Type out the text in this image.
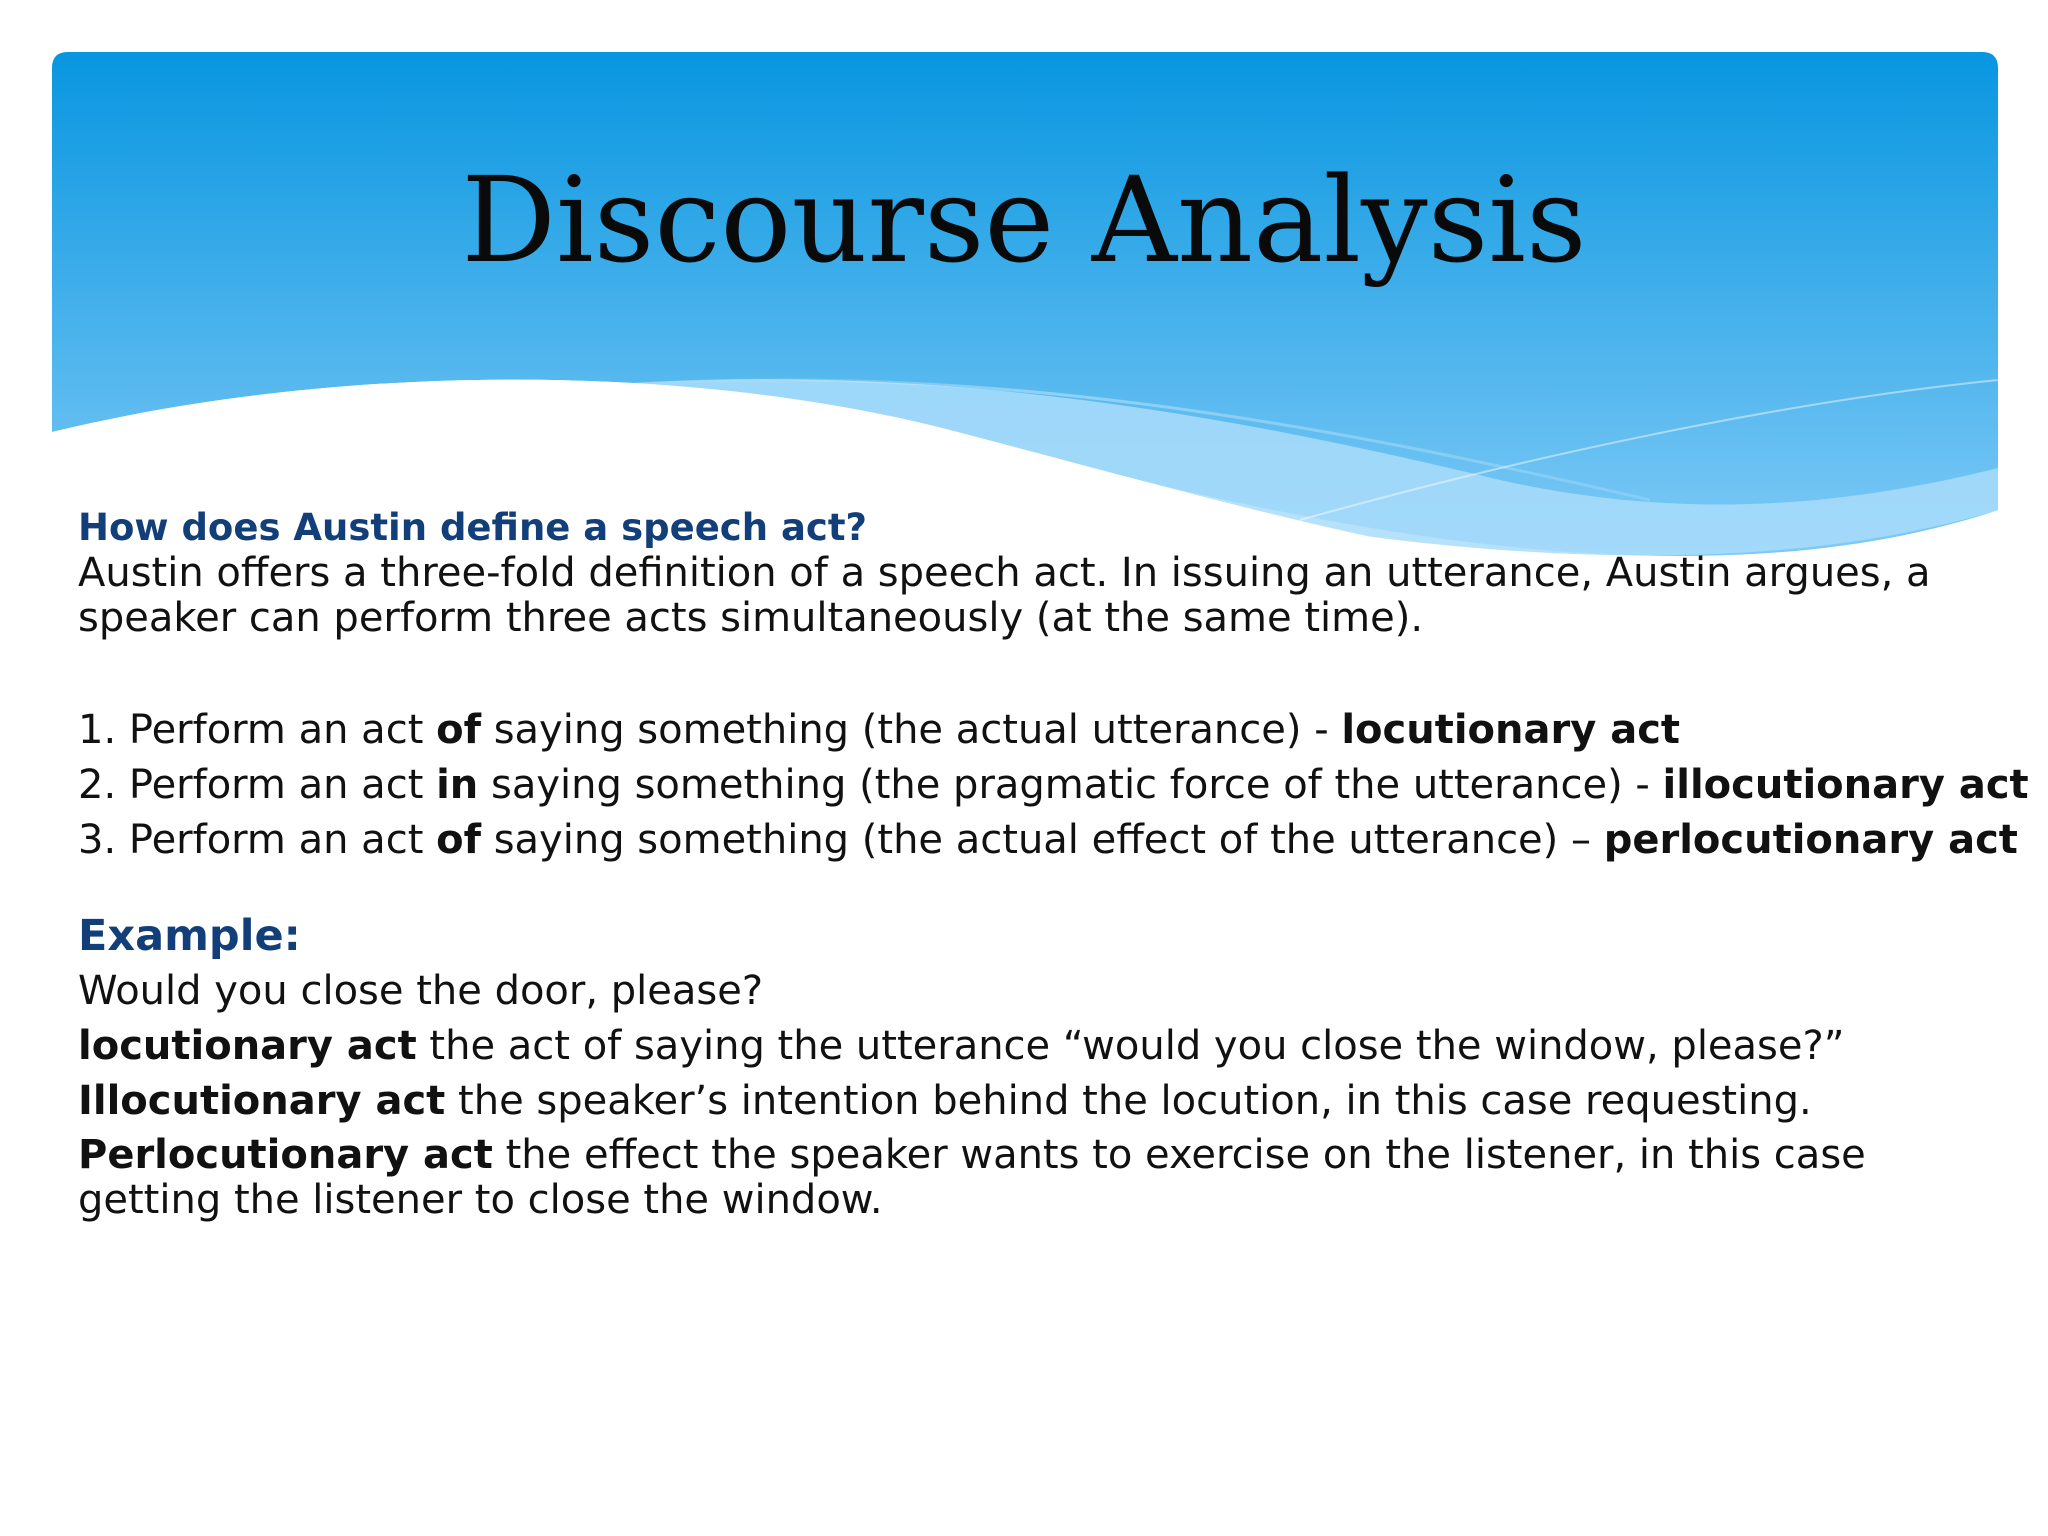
Discourse Analysis
How does Austin define a speech act?
Austin offers a three-fold definition of a speech act. In issuing an utterance, Austin argues, a speaker can perform three acts simultaneously (at the same time).
1. Perform an act of saying something (the actual utterance) - locutionary act
2. Perform an act in saying something (the pragmatic force of the utterance) - illocutionary act
3. Perform an act of saying something (the actual effect of the utterance) – perlocutionary act
Example:
Would you close the door, please?
locutionary act the act of saying the utterance “would you close the window, please?”
Illocutionary act the speaker’s intention behind the locution, in this case requesting.
Perlocutionary act the effect the speaker wants to exercise on the listener, in this case getting the listener to close the window.
